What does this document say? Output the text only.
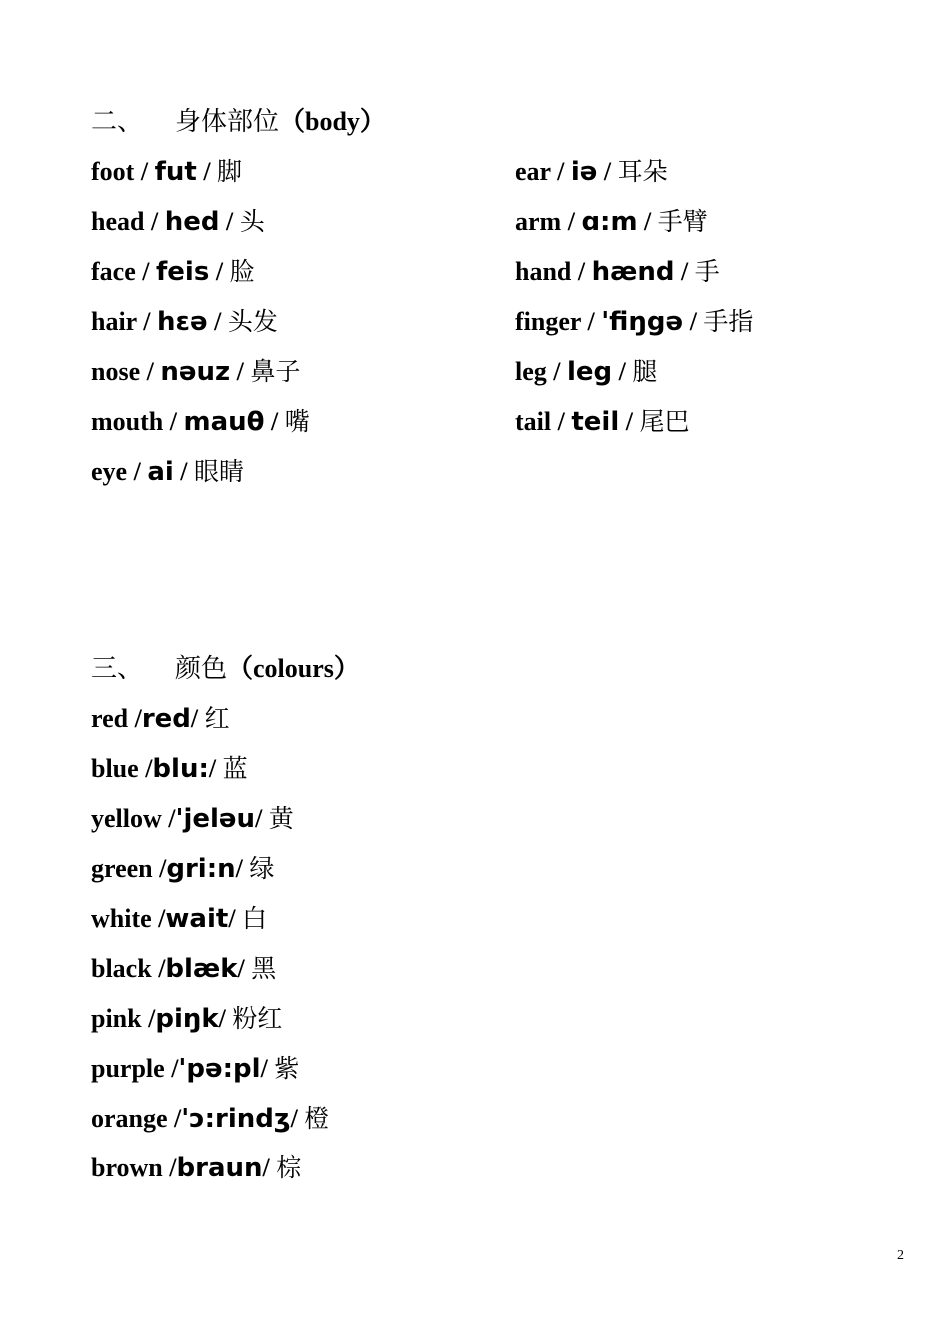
二、 身体部位（body）
foot / fut / 脚
head / hed / 头
face / feis / 脸
hair / hɛə / 头发
nose / nəuz / 鼻子
mouth / mauθ / 嘴
eye / ai / 眼睛
ear / iə / 耳朵
arm / ɑ:m / 手臂
hand / hænd / 手
finger / 'fiŋgə / 手指
leg / leg / 腿
tail / teil / 尾巴
三、 颜色（colours）
red /red/ 红
blue /blu:/ 蓝
yellow /'jeləu/ 黄
green /gri:n/ 绿
white /wait/ 白
black /blæk/ 黑
pink /piŋk/ 粉红
purple /'pə:pl/ 紫
orange /'ɔ:rindʒ/ 橙
brown /braun/ 棕
2
